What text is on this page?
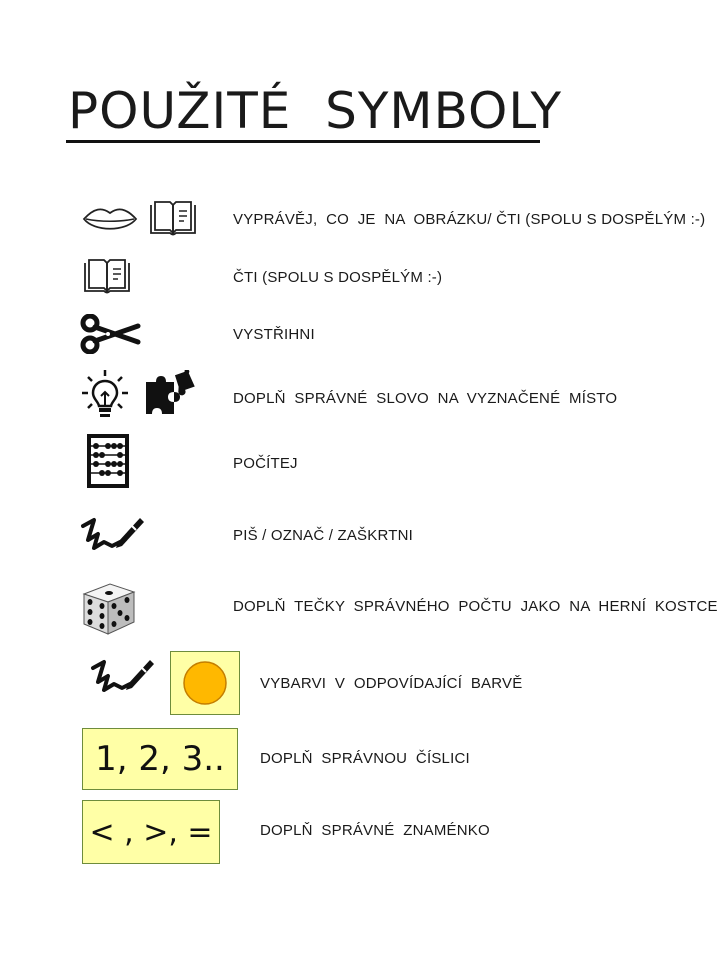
POUŽITÉ  SYMBOLY
VYPRÁVĚJ,  CO  JE  NA  OBRÁZKU/ ČTI (SPOLU S DOSPĚLÝM :-)
ČTI (SPOLU S DOSPĚLÝM :-)
VYSTŘIHNI
DOPLŇ  SPRÁVNÉ  SLOVO  NA  VYZNAČENÉ  MÍSTO
POČÍTEJ
PIŠ / OZNAČ / ZAŠKRTNI
DOPLŇ  TEČKY  SPRÁVNÉHO  POČTU  JAKO  NA  HERNÍ  KOSTCE
VYBARVI  V  ODPOVÍDAJÍCÍ  BARVĚ
1, 2, 3.. DOPLŇ  SPRÁVNOU  ČÍSLICI
< , >, =	DOPLŇ  SPRÁVNÉ  ZNAMÉNKO
